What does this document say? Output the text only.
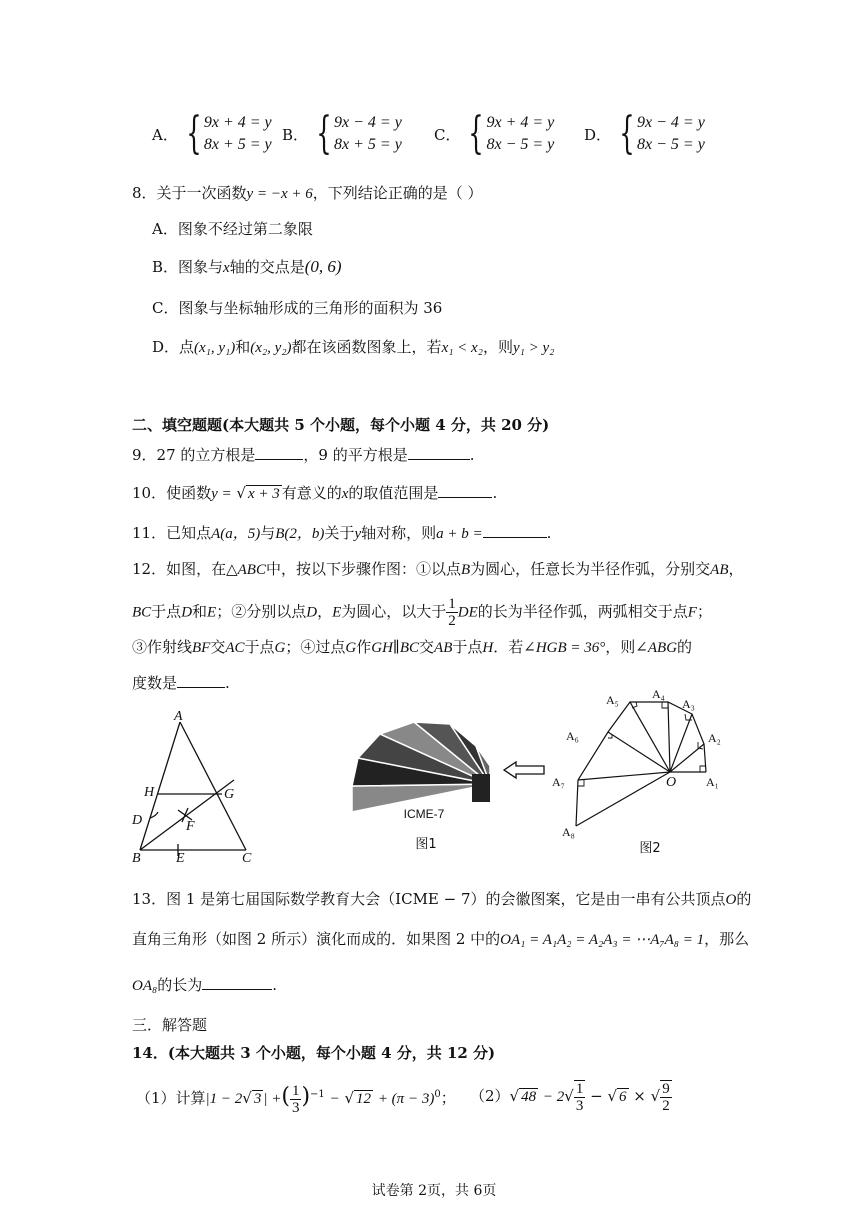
A． { 9x + 4 = y
8x + 5 = y
B． { 9x − 4 = y
8x + 5 = y
C． { 9x + 4 = y
8x − 5 = y
D． { 9x − 4 = y
8x − 5 = y
8．关于一次函数y = −x + 6，下列结论正确的是（ ）
A．图象不经过第二象限
B．图象与x轴的交点是(0, 6)
C．图象与坐标轴形成的三角形的面积为 36
D．点(x₁, y₁)和(x₂, y₂)都在该函数图象上，若x₁ < x₂，则y₁ > y₂
二、填空题题(本大题共 5 个小题，每个小题 4 分，共 20 分)
9．27 的立方根是	，9 的平方根是	.
10．使函数y = √ x + 3 有意义的x的取值范围是	.
11．已知点A(a，5)与B(2，b)关于y轴对称，则a + b =	.
12．如图，在△ABC中，按以下步骤作图：①以点B为圆心，任意长为半径作弧，分别交AB，
BC于点D和E；②分别以点D，E为圆心，以大于 $\frac{1}{2}$ DE的长为半径作弧，两弧相交于点F；
③作射线BF交AC于点G；④过点G作GH∥BC交AB于点H．若∠HGB = 36°，则∠ABG的
度数是	.
A
H	G
D	F
B	E	C
ICME-7
图1
O A₁
A₂
A₃
A₄
A₅
A₆
A₇
A₈
图2
13．图 1 是第七届国际数学教育大会（ICME − 7）的会徽图案，它是由一串有公共顶点O的
直角三角形（如图 2 所示）演化而成的．如果图 2 中的OA₁ = A₁A₂ = A₂A₃ = ⋯A₇A₈ = 1，那么
OA₈的长为	.
三．解答题
14．(本大题共 3 个小题，每个小题 4 分，共 12 分)
（1）计算|1 − 2√ 3 | +( $\frac{1}{3} )^{-1}$ − √ $12 + (\pi - 3)^0$； （2）√ $48 - 2√ \frac{1}{3}$ − √ 6 × √ $\frac{9}{2}$
试卷第 2页，共 6页
